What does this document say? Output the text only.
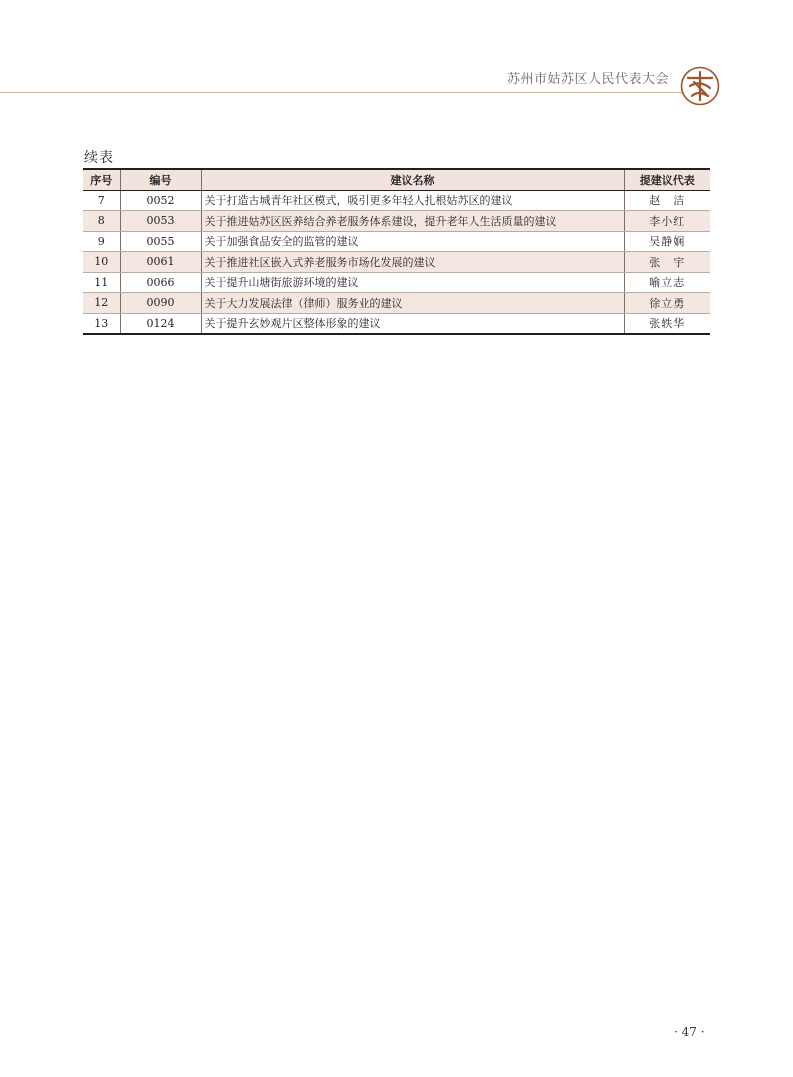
苏州市姑苏区人民代表大会
续表
序号	编号	建议名称	提建议代表
7	0052	关于打造古城青年社区模式，吸引更多年轻人扎根姑苏区的建议	赵　洁
8	0053	关于推进姑苏区医养结合养老服务体系建设，提升老年人生活质量的建议	李小红
9	0055	关于加强食品安全的监管的建议	吴静娴
10	0061	关于推进社区嵌入式养老服务市场化发展的建议	张　宇
11	0066	关于提升山塘街旅游环境的建议	喻立志
12	0090	关于大力发展法律（律师）服务业的建议	徐立勇
13	0124	关于提升玄妙观片区整体形象的建议	张轶华
· 47 ·
